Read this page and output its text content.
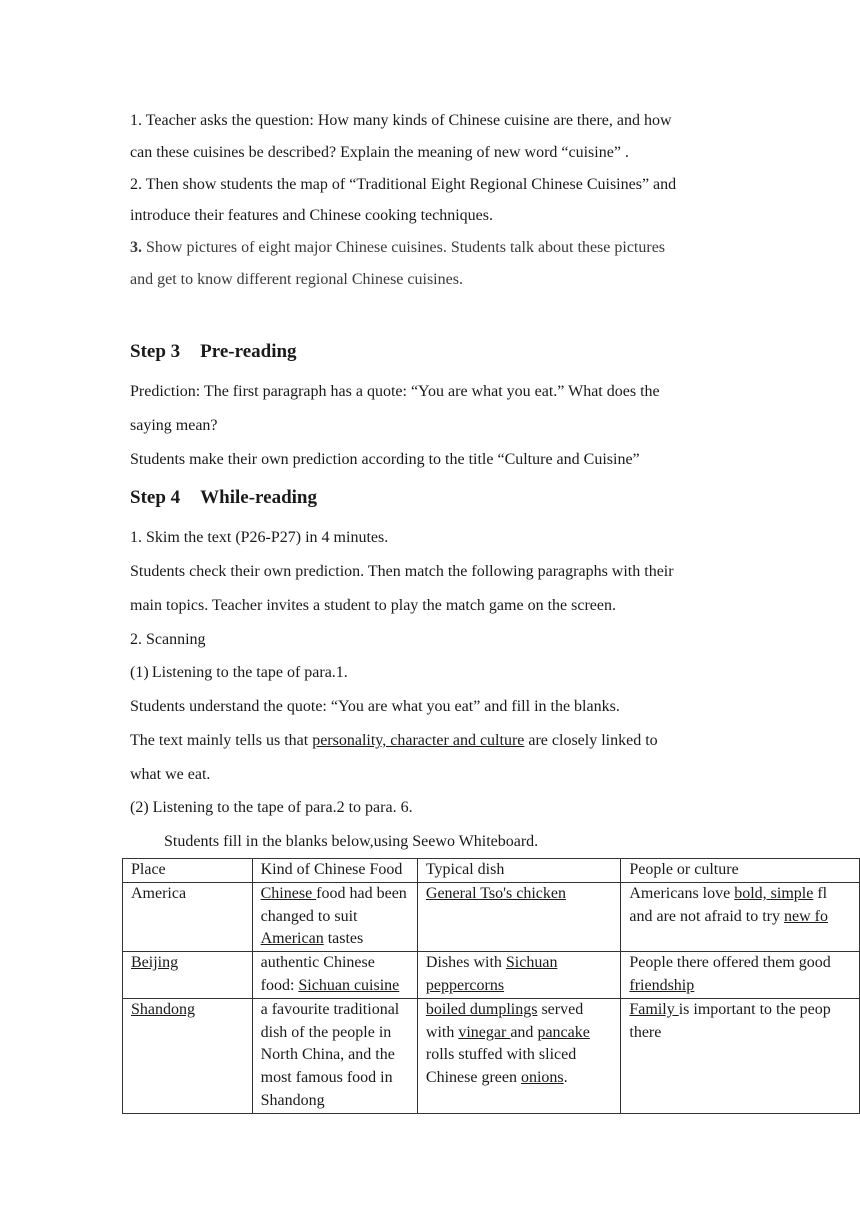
1. Teacher asks the question: How many kinds of Chinese cuisine are there, and how
can these cuisines be described? Explain the meaning of new word “cuisine” .
2. Then show students the map of “Traditional Eight Regional Chinese Cuisines” and
introduce their features and Chinese cooking techniques.
3. Show pictures of eight major Chinese cuisines. Students talk about these pictures
and get to know different regional Chinese cuisines.
Step 3 Pre-reading
Prediction: The first paragraph has a quote: “You are what you eat.” What does the
saying mean?
Students make their own prediction according to the title “Culture and Cuisine”
Step 4 While-reading
1. Skim the text (P26-P27) in 4 minutes.
Students check their own prediction. Then match the following paragraphs with their
main topics. Teacher invites a student to play the match game on the screen.
2. Scanning
(1) Listening to the tape of para.1.
Students understand the quote: “You are what you eat” and fill in the blanks.
The text mainly tells us that personality, character and culture are closely linked to
what we eat.
(2) Listening to the tape of para.2 to para. 6.
Students fill in the blanks below,using Seewo Whiteboard.
Place	Kind of Chinese Food	Typical dish	People or culture
America	Chinese food had been changed to suit American tastes	General Tso's chicken	Americans love bold, simple fl
and are not afraid to try new fo
Beijing	authentic Chinese food: Sichuan cuisine	Dishes with Sichuan peppercorns	People there offered them good
friendship
Shandong	a favourite traditional dish of the people in North China, and the most famous food in Shandong	boiled dumplings served with vinegar and pancake rolls stuffed with sliced Chinese green onions.	Family is important to the peop
there
